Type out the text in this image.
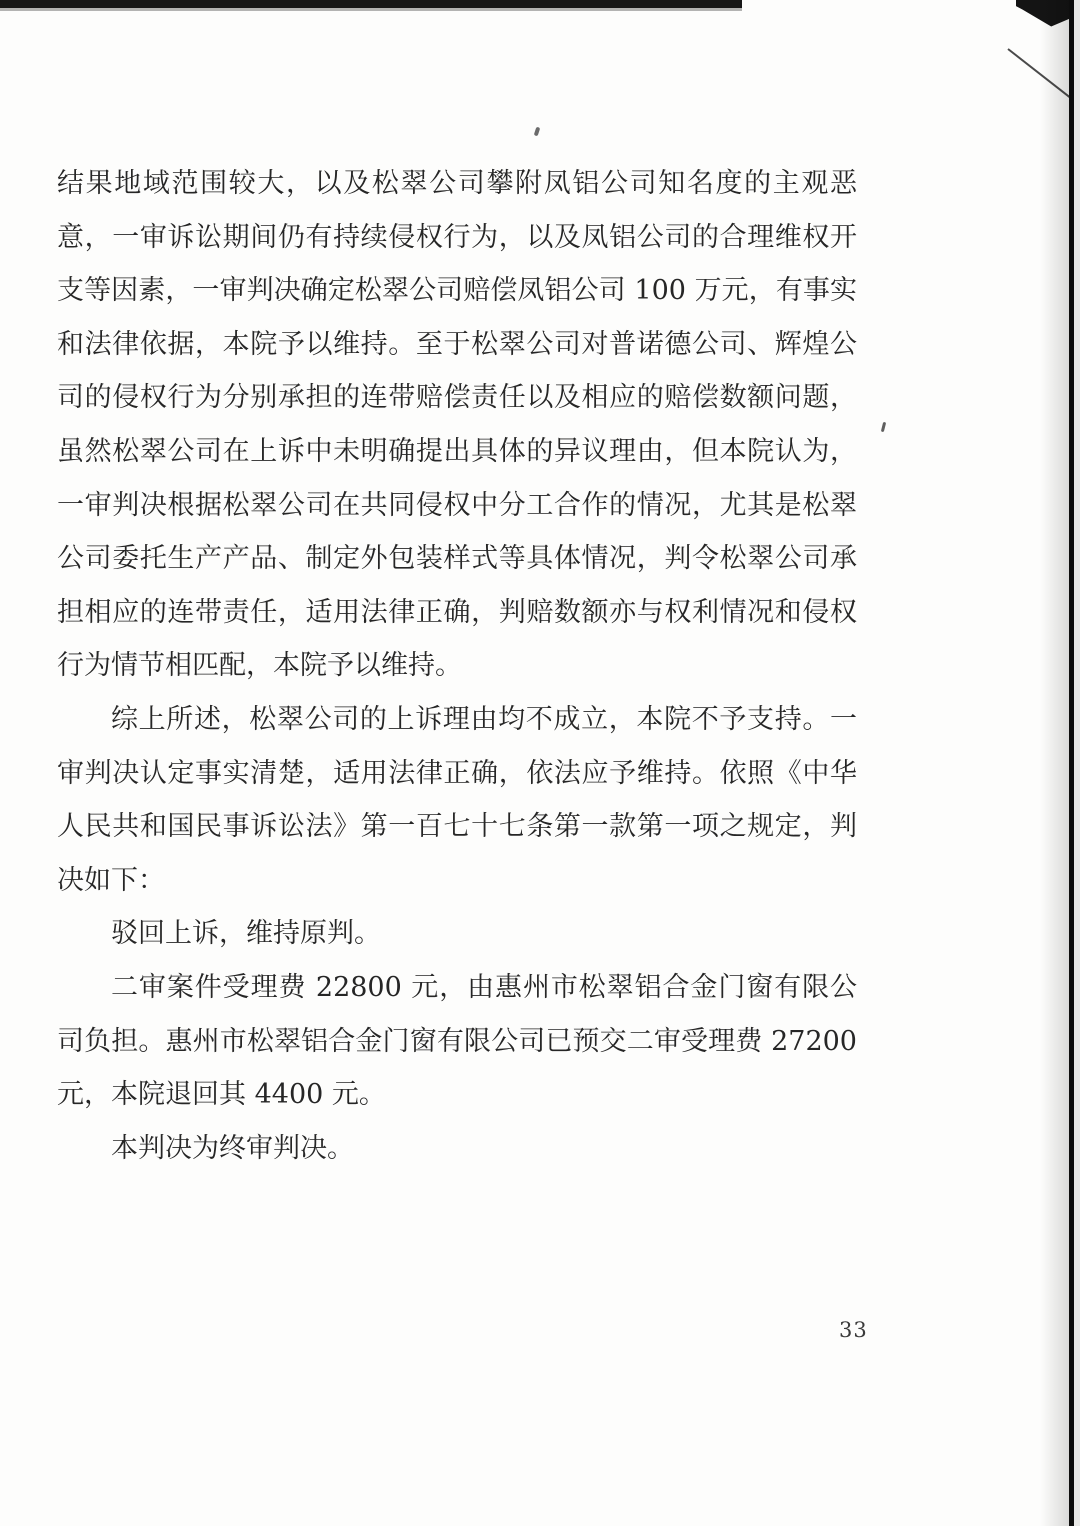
结果地域范围较大，以及松翠公司攀附凤铝公司知名度的主观恶意，一审诉讼期间仍有持续侵权行为，以及凤铝公司的合理维权开支等因素，一审判决确定松翠公司赔偿凤铝公司 100 万元，有事实和法律依据，本院予以维持。至于松翠公司对普诺德公司、辉煌公司的侵权行为分别承担的连带赔偿责任以及相应的赔偿数额问题，虽然松翠公司在上诉中未明确提出具体的异议理由，但本院认为，一审判决根据松翠公司在共同侵权中分工合作的情况，尤其是松翠公司委托生产产品、制定外包装样式等具体情况，判令松翠公司承担相应的连带责任，适用法律正确，判赔数额亦与权利情况和侵权行为情节相匹配，本院予以维持。

综上所述，松翠公司的上诉理由均不成立，本院不予支持。一审判决认定事实清楚，适用法律正确，依法应予维持。依照《中华人民共和国民事诉讼法》第一百七十七条第一款第一项之规定，判决如下：

驳回上诉，维持原判。

二审案件受理费 22800 元，由惠州市松翠铝合金门窗有限公司负担。惠州市松翠铝合金门窗有限公司已预交二审受理费 27200 元，本院退回其 4400 元。

本判决为终审判决。

33
